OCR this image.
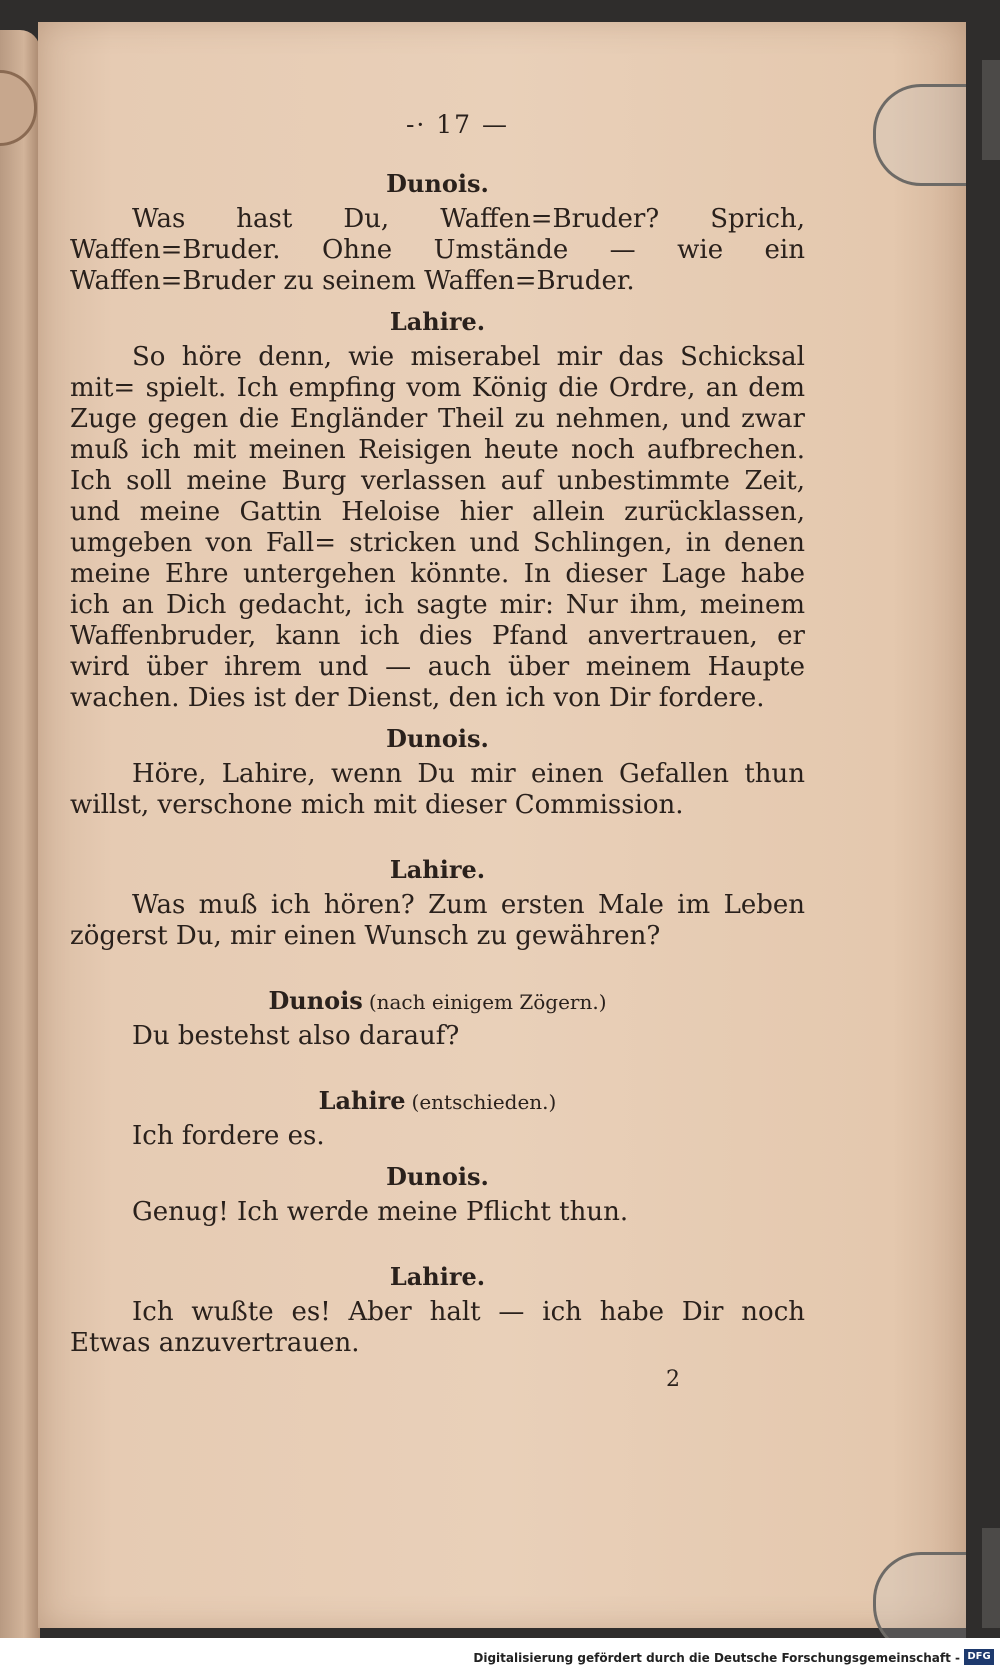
-· 17 —
Dunois.

Was hast Du, Waffen=Bruder? Sprich, Waffen=Bruder. Ohne Umstände — wie ein Waffen=Bruder zu seinem Waffen=Bruder.

Lahire.

So höre denn, wie miserabel mir das Schicksal mit= spielt. Ich empfing vom König die Ordre, an dem Zuge gegen die Engländer Theil zu nehmen, und zwar muß ich mit meinen Reisigen heute noch aufbrechen. Ich soll meine Burg verlassen auf unbestimmte Zeit, und meine Gattin Heloise hier allein zurücklassen, umgeben von Fall= stricken und Schlingen, in denen meine Ehre untergehen könnte. In dieser Lage habe ich an Dich gedacht, ich sagte mir: Nur ihm, meinem Waffenbruder, kann ich dies Pfand anvertrauen, er wird über ihrem und — auch über meinem Haupte wachen. Dies ist der Dienst, den ich von Dir fordere.

Dunois.

Höre, Lahire, wenn Du mir einen Gefallen thun willst, verschone mich mit dieser Commission.

Lahire.

Was muß ich hören? Zum ersten Male im Leben zögerst Du, mir einen Wunsch zu gewähren?

Dunois (nach einigem Zögern.)

Du bestehst also darauf?

Lahire (entschieden.)

Ich fordere es.

Dunois.

Genug! Ich werde meine Pflicht thun.

Lahire.

Ich wußte es! Aber halt — ich habe Dir noch Etwas anzuvertrauen.

2
Digitalisierung gefördert durch die Deutsche Forschungsgemeinschaft - DFG
